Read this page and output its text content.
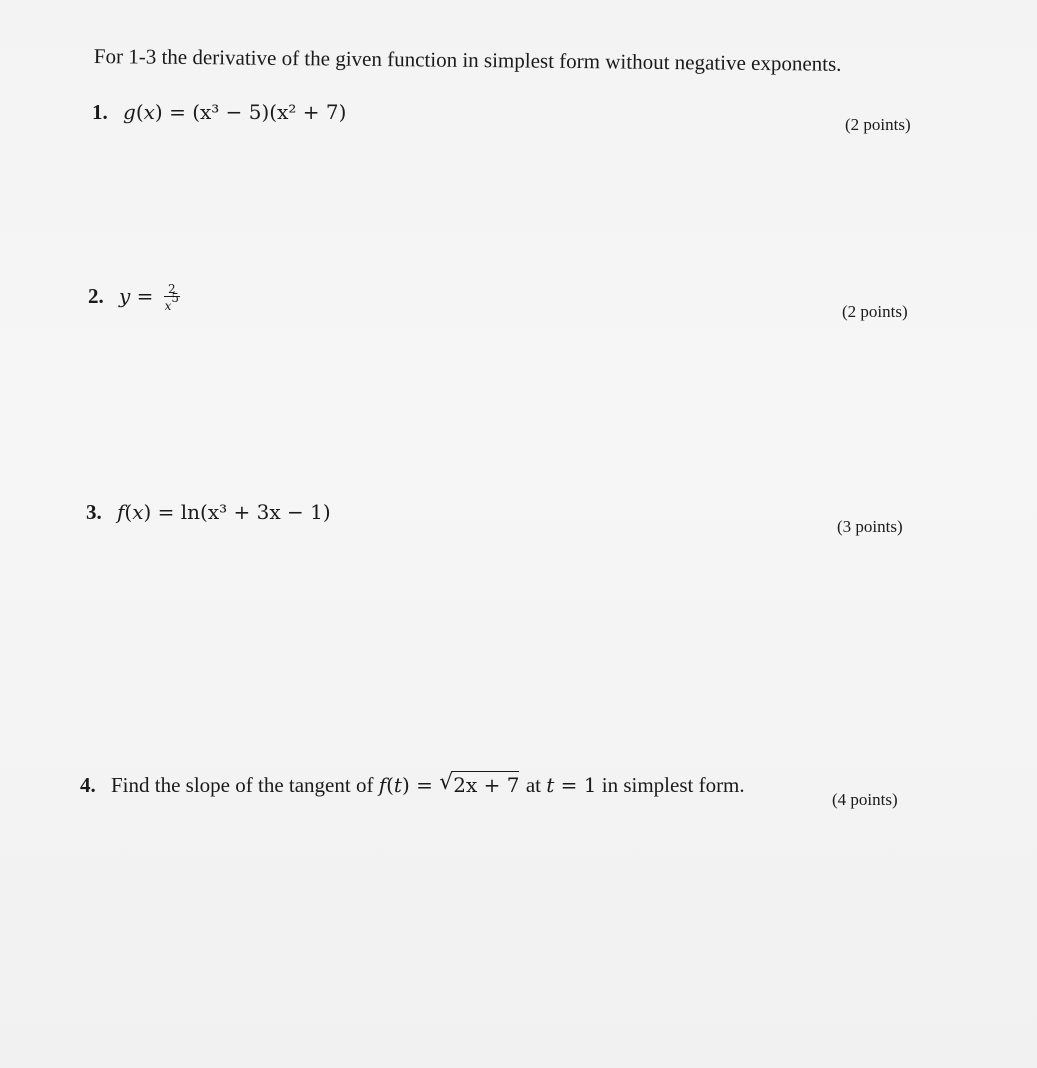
For 1-3 the derivative of the given function in simplest form without negative exponents.
1. g(x) = (x³ − 5)(x² + 7)
(2 points)
2. $y = \frac{2}{x^5}$	(2 points)
3. f(x) = ln(x³ + 3x − 1)
(3 points)
4. Find the slope of the tangent of f(t) = √ 2x + 7 at t = 1 in simplest form.
(4 points)
